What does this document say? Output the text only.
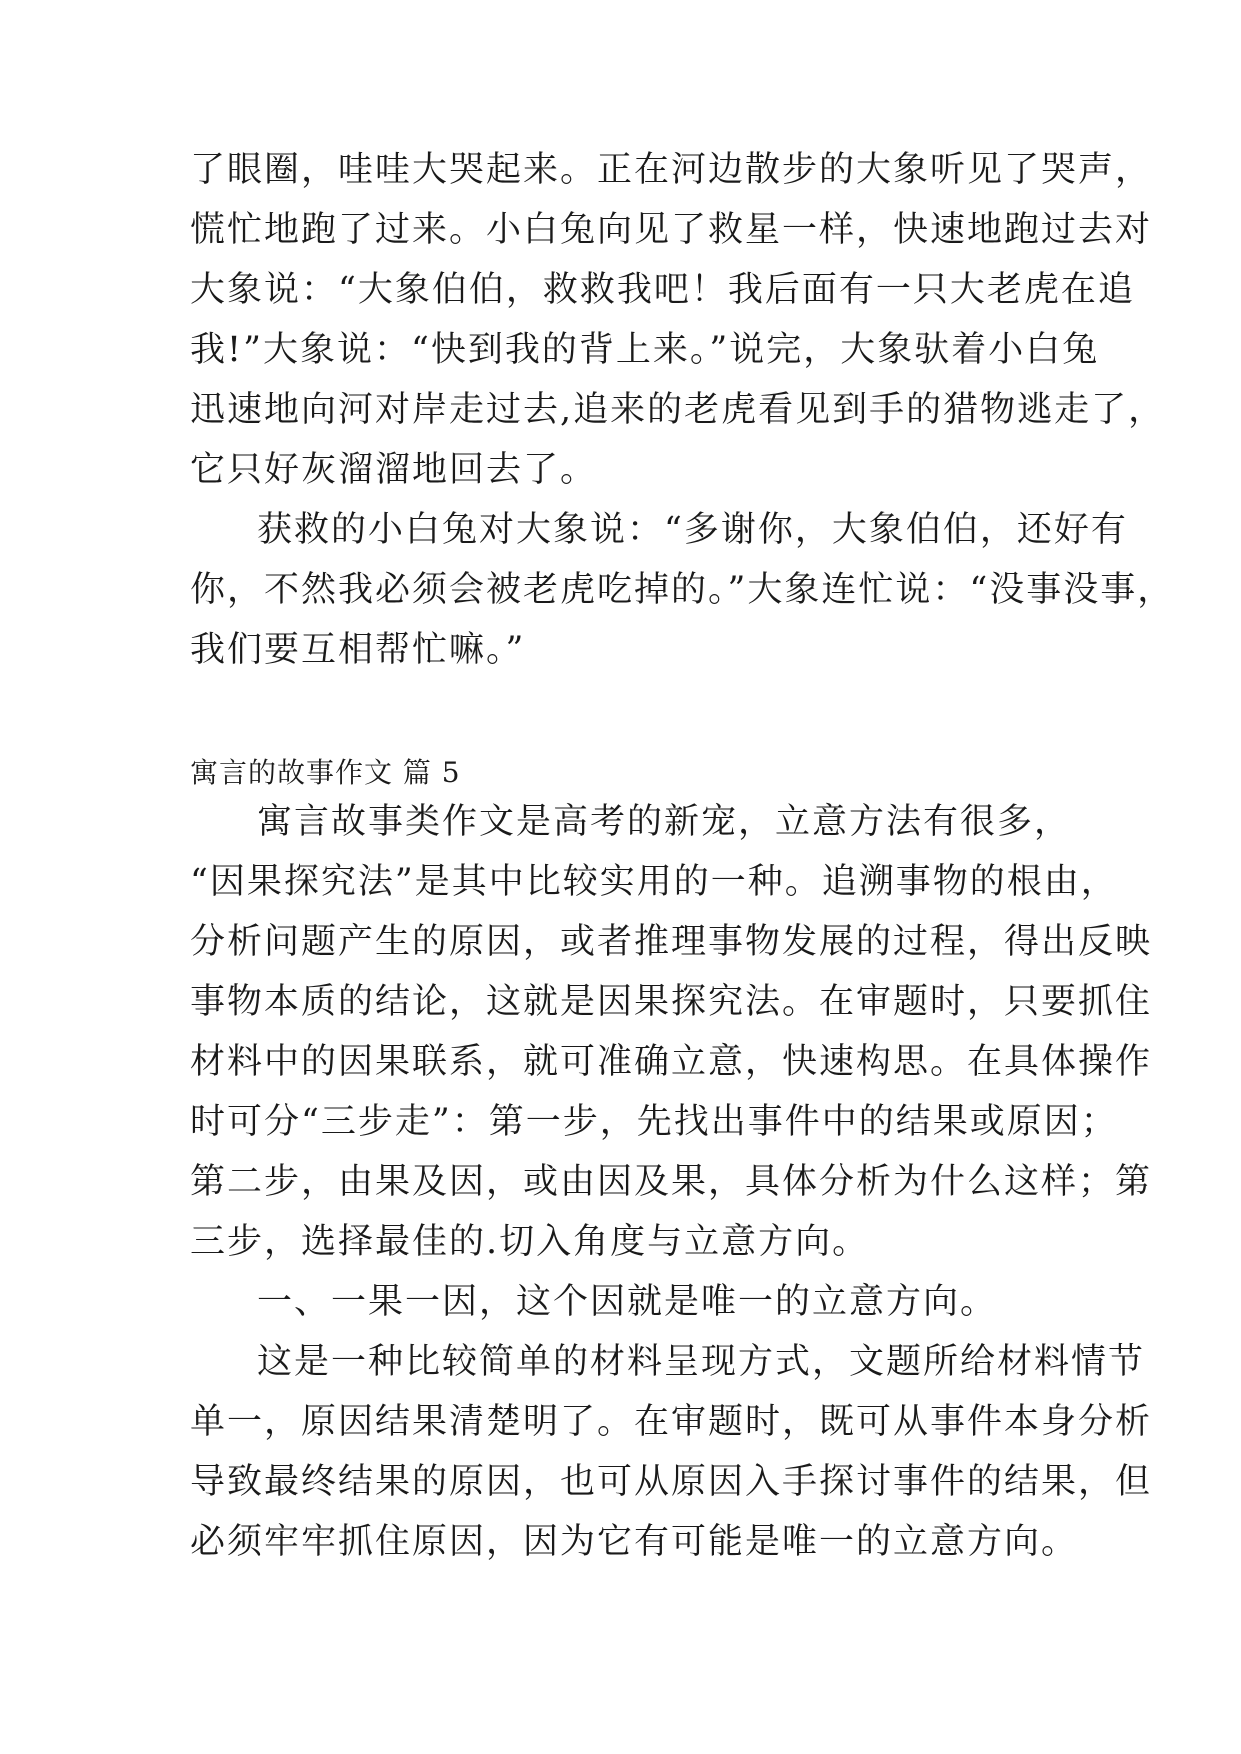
了眼圈，哇哇大哭起来。正在河边散步的大象听见了哭声，
慌忙地跑了过来。小白兔向见了救星一样，快速地跑过去对
大象说：“大象伯伯，救救我吧！我后面有一只大老虎在追
我!”大象说：“快到我的背上来。”说完，大象驮着小白兔
迅速地向河对岸走过去,追来的老虎看见到手的猎物逃走了，
它只好灰溜溜地回去了。
获救的小白兔对大象说：“多谢你，大象伯伯，还好有
你，不然我必须会被老虎吃掉的。”大象连忙说：“没事没事，
我们要互相帮忙嘛。”
寓言的故事作文 篇 5
寓言故事类作文是高考的新宠，立意方法有很多，
“因果探究法”是其中比较实用的一种。追溯事物的根由，
分析问题产生的原因，或者推理事物发展的过程，得出反映
事物本质的结论，这就是因果探究法。在审题时，只要抓住
材料中的因果联系，就可准确立意，快速构思。在具体操作
时可分“三步走”：第一步，先找出事件中的结果或原因；
第二步，由果及因，或由因及果，具体分析为什么这样；第
三步，选择最佳的.切入角度与立意方向。
一、一果一因，这个因就是唯一的立意方向。
这是一种比较简单的材料呈现方式，文题所给材料情节
单一，原因结果清楚明了。在审题时，既可从事件本身分析
导致最终结果的原因，也可从原因入手探讨事件的结果，但
必须牢牢抓住原因，因为它有可能是唯一的立意方向。
